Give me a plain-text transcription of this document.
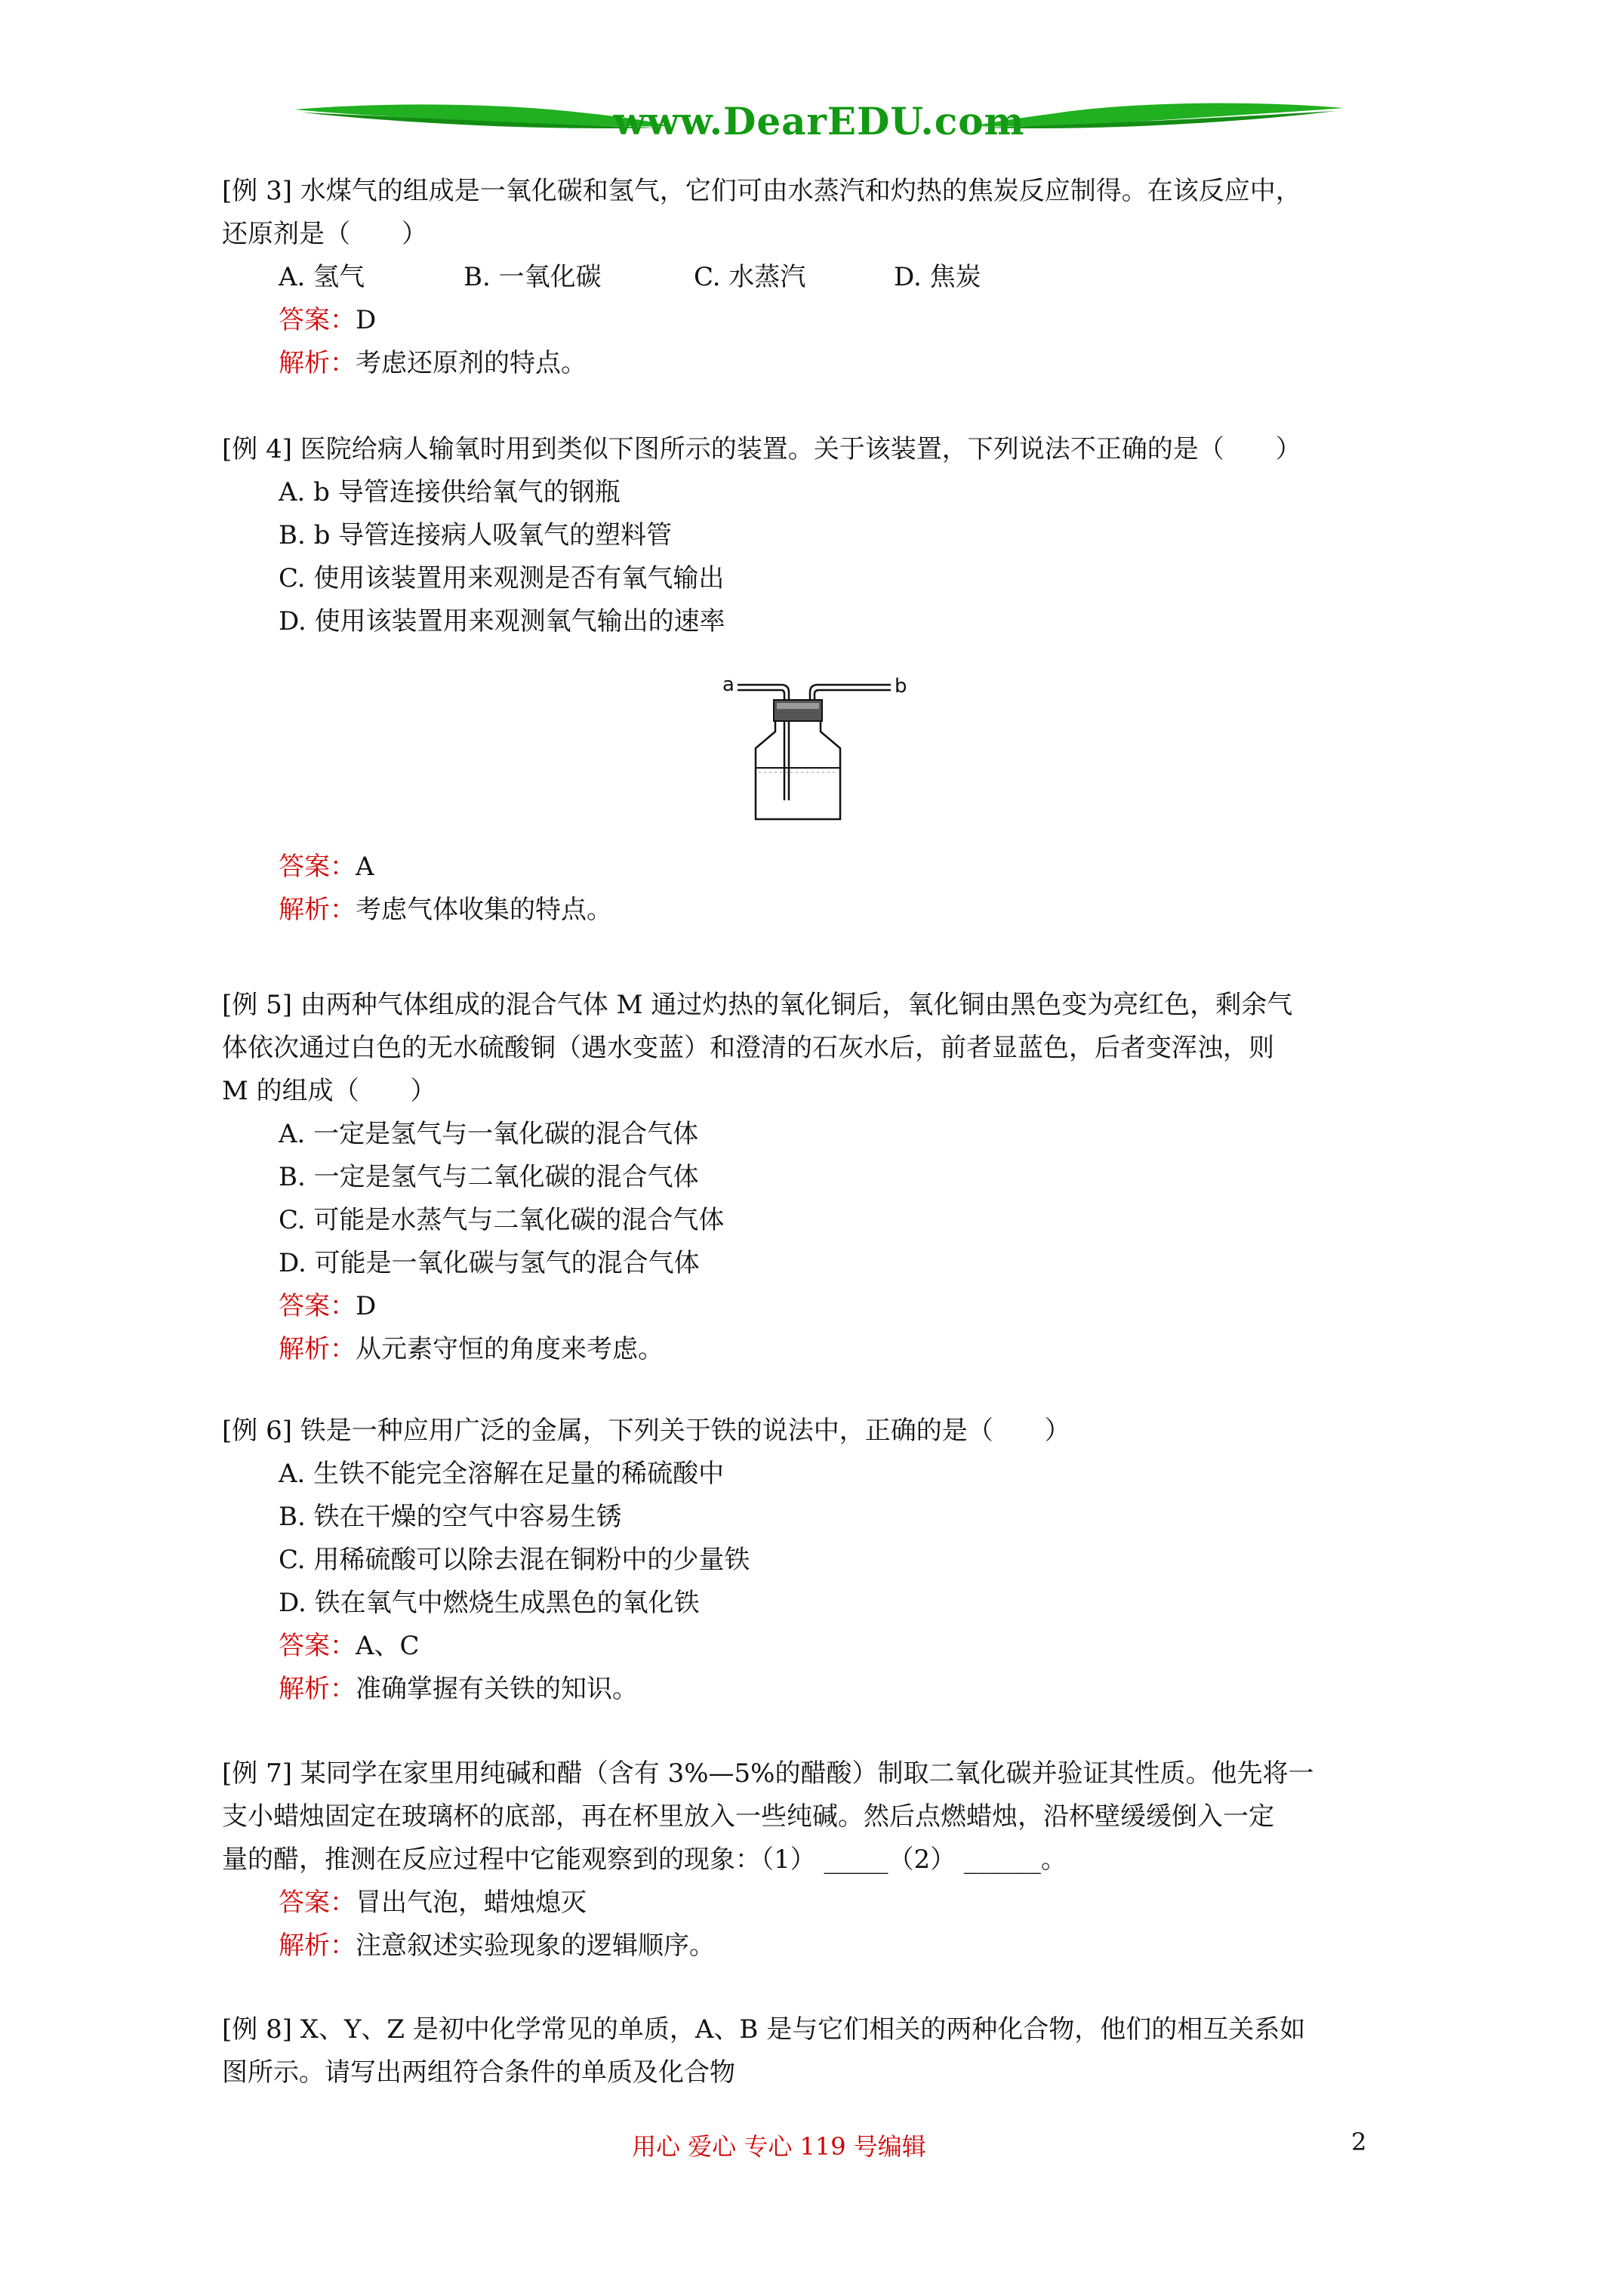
www.DearEDU.com

[例 3] 水煤气的组成是一氧化碳和氢气，它们可由水蒸汽和灼热的焦炭反应制得。在该反应中，

还原剂是（　　）

A. 氢气	B. 一氧化碳	C. 水蒸汽	D. 焦炭

答案：D

解析：考虑还原剂的特点。

[例 4] 医院给病人输氧时用到类似下图所示的装置。关于该装置，下列说法不正确的是（　　）

A. b 导管连接供给氧气的钢瓶

B. b 导管连接病人吸氧气的塑料管

C. 使用该装置用来观测是否有氧气输出

D. 使用该装置用来观测氧气输出的速率

a	b

答案：A

解析：考虑气体收集的特点。

[例 5] 由两种气体组成的混合气体 M 通过灼热的氧化铜后，氧化铜由黑色变为亮红色，剩余气

体依次通过白色的无水硫酸铜（遇水变蓝）和澄清的石灰水后，前者显蓝色，后者变浑浊，则

M 的组成（　　）

A. 一定是氢气与一氧化碳的混合气体

B. 一定是氢气与二氧化碳的混合气体

C. 可能是水蒸气与二氧化碳的混合气体

D. 可能是一氧化碳与氢气的混合气体

答案：D

解析：从元素守恒的角度来考虑。

[例 6] 铁是一种应用广泛的金属，下列关于铁的说法中，正确的是（　　）

A. 生铁不能完全溶解在足量的稀硫酸中

B. 铁在干燥的空气中容易生锈

C. 用稀硫酸可以除去混在铜粉中的少量铁

D. 铁在氧气中燃烧生成黑色的氧化铁

答案：A、C

解析：准确掌握有关铁的知识。

[例 7] 某同学在家里用纯碱和醋（含有 3%—5%的醋酸）制取二氧化碳并验证其性质。他先将一

支小蜡烛固定在玻璃杯的底部，再在杯里放入一些纯碱。然后点燃蜡烛，沿杯壁缓缓倒入一定

量的醋，推测在反应过程中它能观察到的现象：（1） _____（2） ______。

答案：冒出气泡，蜡烛熄灭

解析：注意叙述实验现象的逻辑顺序。

[例 8] X、Y、Z 是初中化学常见的单质，A、B 是与它们相关的两种化合物，他们的相互关系如

图所示。请写出两组符合条件的单质及化合物

用心 爱心 专心 119 号编辑	2
